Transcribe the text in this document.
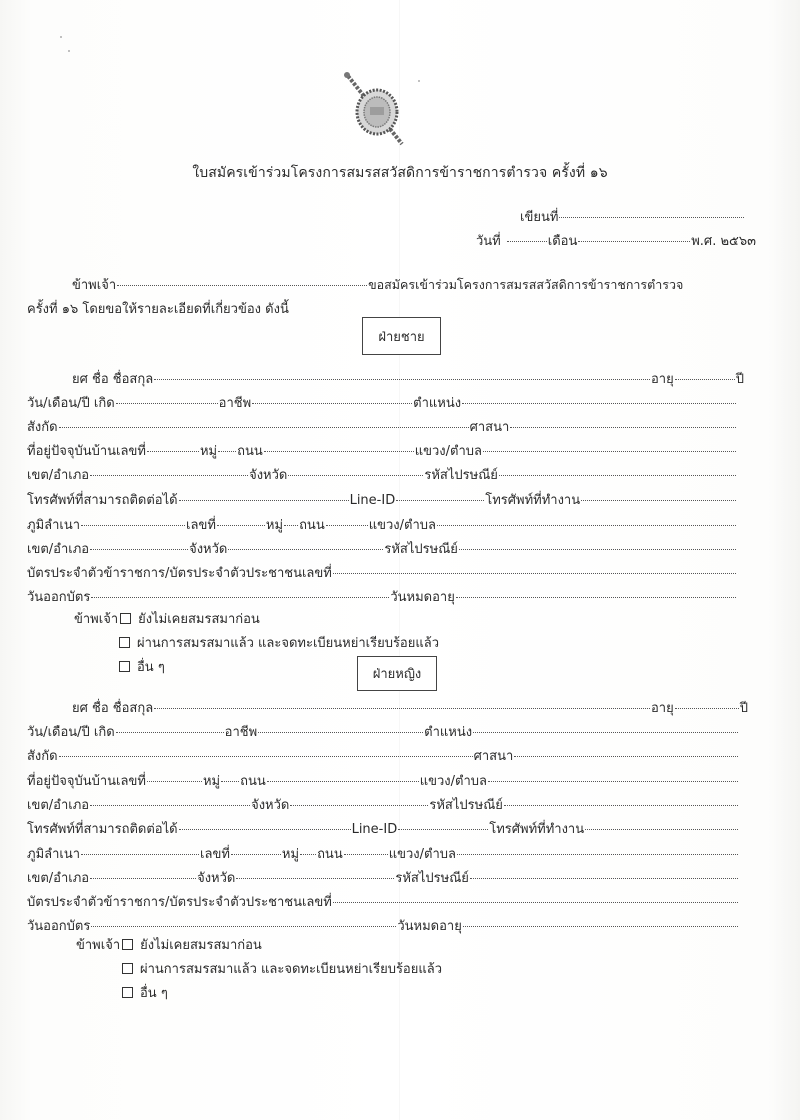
ใบสมัครเข้าร่วมโครงการสมรสสวัสดิการข้าราชการตำรวจ ครั้งที่ ๑๖
เขียนที่
วันที่	เดือน	พ.ศ. ๒๕๖๓
ข้าพเจ้า	ขอสมัครเข้าร่วมโครงการสมรสสวัสดิการข้าราชการตำรวจ
ครั้งที่ ๑๖ โดยขอให้รายละเอียดที่เกี่ยวข้อง ดังนี้
ฝ่ายชาย
ยศ ชื่อ ชื่อสกุล	อายุ	ปี
วัน/เดือน/ปี เกิด	อาชีพ	ตำแหน่ง
สังกัด	ศาสนา
ที่อยู่ปัจจุบันบ้านเลขที่	หมู่ ถนน	แขวง/ตำบล
เขต/อำเภอ	จังหวัด	รหัสไปรษณีย์
โทรศัพท์ที่สามารถติดต่อได้	Line-ID	โทรศัพท์ที่ทำงาน
ภูมิลำเนา	เลขที่	หมู่ ถนน	แขวง/ตำบล
เขต/อำเภอ	จังหวัด	รหัสไปรษณีย์
บัตรประจำตัวข้าราชการ/บัตรประจำตัวประชาชนเลขที่
วันออกบัตร	วันหมดอายุ
ข้าพเจ้า ยังไม่เคยสมรสมาก่อน
ผ่านการสมรสมาแล้ว และจดทะเบียนหย่าเรียบร้อยแล้ว
อื่น ๆ	ฝ่ายหญิง
ยศ ชื่อ ชื่อสกุล	อายุ	ปี
วัน/เดือน/ปี เกิด	อาชีพ	ตำแหน่ง
สังกัด	ศาสนา
ที่อยู่ปัจจุบันบ้านเลขที่	หมู่ ถนน	แขวง/ตำบล
เขต/อำเภอ	จังหวัด	รหัสไปรษณีย์
โทรศัพท์ที่สามารถติดต่อได้	Line-ID	โทรศัพท์ที่ทำงาน
ภูมิลำเนา	เลขที่	หมู่ ถนน	แขวง/ตำบล
เขต/อำเภอ	จังหวัด	รหัสไปรษณีย์
บัตรประจำตัวข้าราชการ/บัตรประจำตัวประชาชนเลขที่
วันออกบัตร	วันหมดอายุ
ข้าพเจ้า ยังไม่เคยสมรสมาก่อน
ผ่านการสมรสมาแล้ว และจดทะเบียนหย่าเรียบร้อยแล้ว
อื่น ๆ
